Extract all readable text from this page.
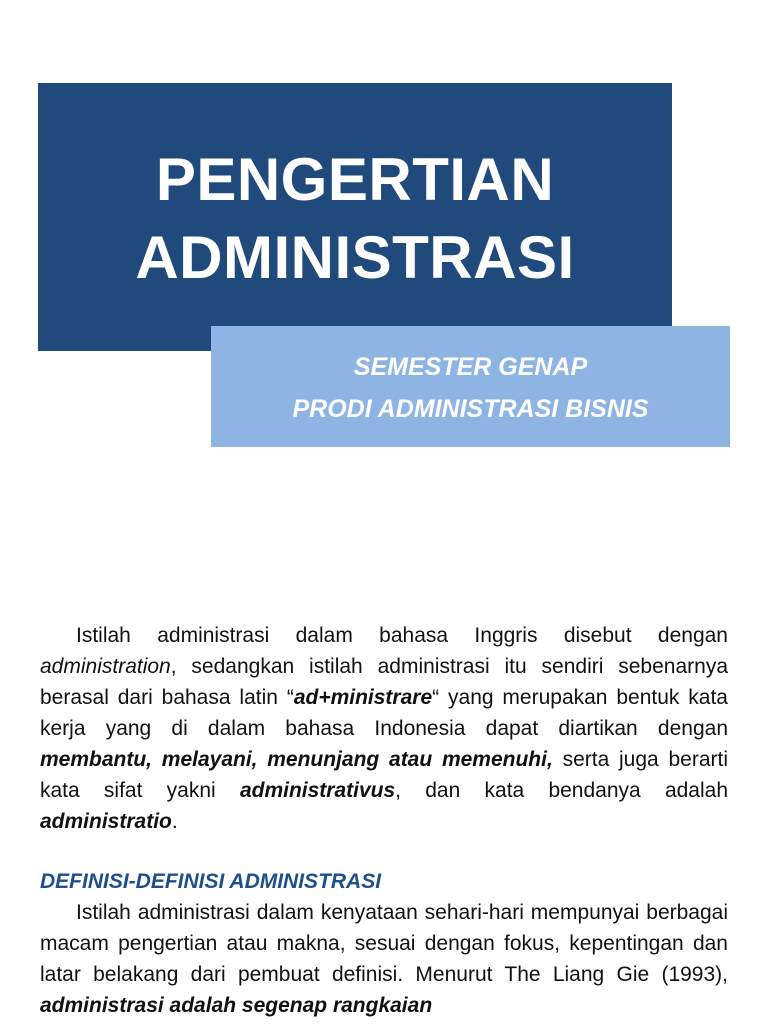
PENGERTIAN
ADMINISTRASI
SEMESTER GENAP
PRODI ADMINISTRASI BISNIS

Istilah administrasi dalam bahasa Inggris disebut dengan administration, sedangkan istilah administrasi itu sendiri sebenarnya berasal dari bahasa latin “ad+ministrare“ yang merupakan bentuk kata kerja yang di dalam bahasa Indonesia dapat diartikan dengan membantu, melayani, menunjang atau memenuhi, serta juga berarti kata sifat yakni administrativus, dan kata bendanya adalah administratio.

DEFINISI-DEFINISI ADMINISTRASI

Istilah administrasi dalam kenyataan sehari-hari mempunyai berbagai macam pengertian atau makna, sesuai dengan fokus, kepentingan dan latar belakang dari pembuat definisi. Menurut The Liang Gie (1993), administrasi adalah segenap rangkaian
